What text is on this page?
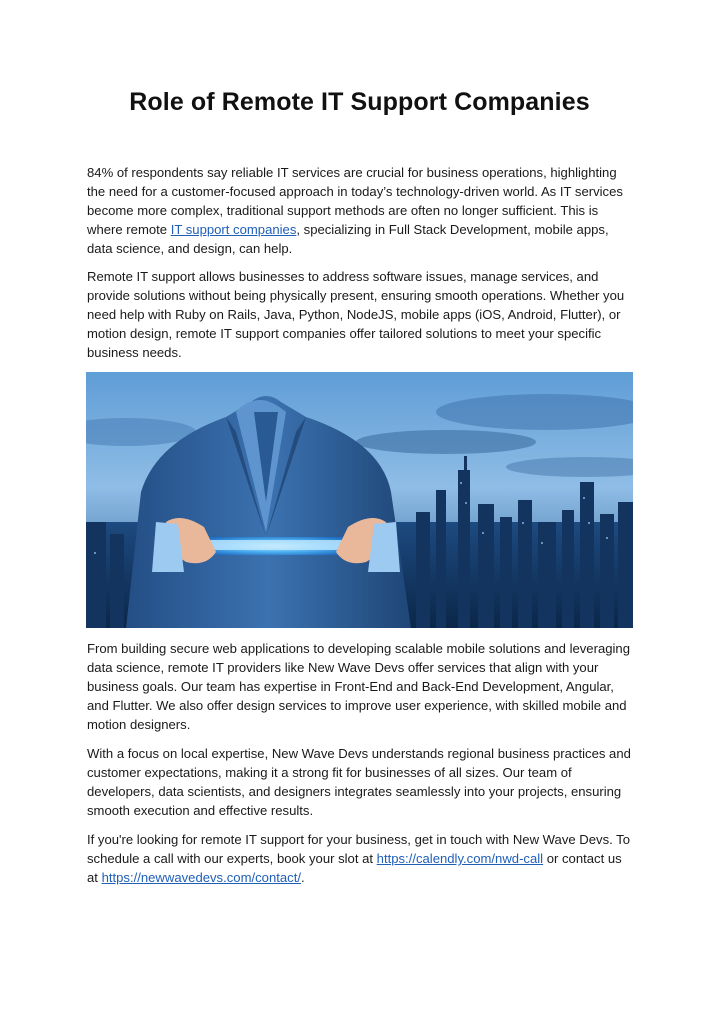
Role of Remote IT Support Companies

84% of respondents say reliable IT services are crucial for business operations, highlighting the need for a customer-focused approach in today’s technology-driven world. As IT services become more complex, traditional support methods are often no longer sufficient. This is where remote IT support companies, specializing in Full Stack Development, mobile apps, data science, and design, can help.

Remote IT support allows businesses to address software issues, manage services, and provide solutions without being physically present, ensuring smooth operations. Whether you need help with Ruby on Rails, Java, Python, NodeJS, mobile apps (iOS, Android, Flutter), or motion design, remote IT support companies offer tailored solutions to meet your specific business needs.

From building secure web applications to developing scalable mobile solutions and leveraging data science, remote IT providers like New Wave Devs offer services that align with your business goals. Our team has expertise in Front-End and Back-End Development, Angular, and Flutter. We also offer design services to improve user experience, with skilled mobile and motion designers.

With a focus on local expertise, New Wave Devs understands regional business practices and customer expectations, making it a strong fit for businesses of all sizes. Our team of developers, data scientists, and designers integrates seamlessly into your projects, ensuring smooth execution and effective results.

If you're looking for remote IT support for your business, get in touch with New Wave Devs. To schedule a call with our experts, book your slot at https://calendly.com/nwd-call or contact us at https://newwavedevs.com/contact/.
